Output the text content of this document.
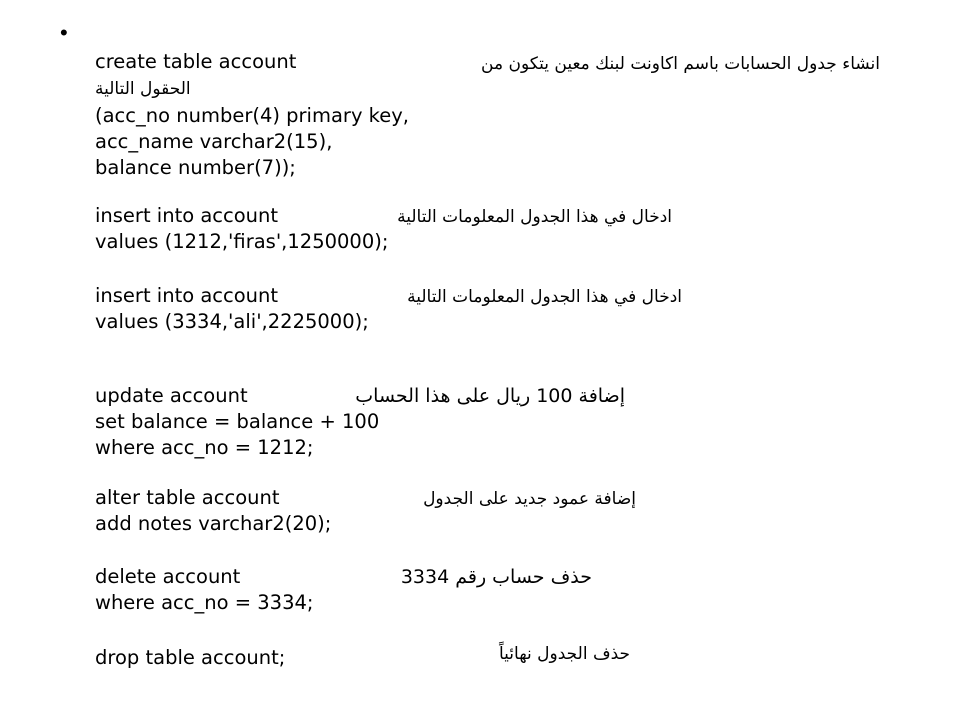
•
create table account
(acc_no number(4) primary key,
acc_name varchar2(15),
balance number(7));
insert into account
values (1212,'firas',1250000);
insert into account
values (3334,'ali',2225000);
update account
set balance = balance + 100
where acc_no = 1212;
alter table account
add notes varchar2(20);
delete account
where acc_no = 3334;
drop table account;
انشاء جدول الحسابات باسم اكاونت لبنك معين يتكون من
الحقول التالية
ادخال في هذا الجدول المعلومات التالية
ادخال في هذا الجدول المعلومات التالية
إضافة 100 ريال على هذا الحساب
إضافة عمود جديد على الجدول
حذف حساب رقم 3334
حذف الجدول نهائياً
